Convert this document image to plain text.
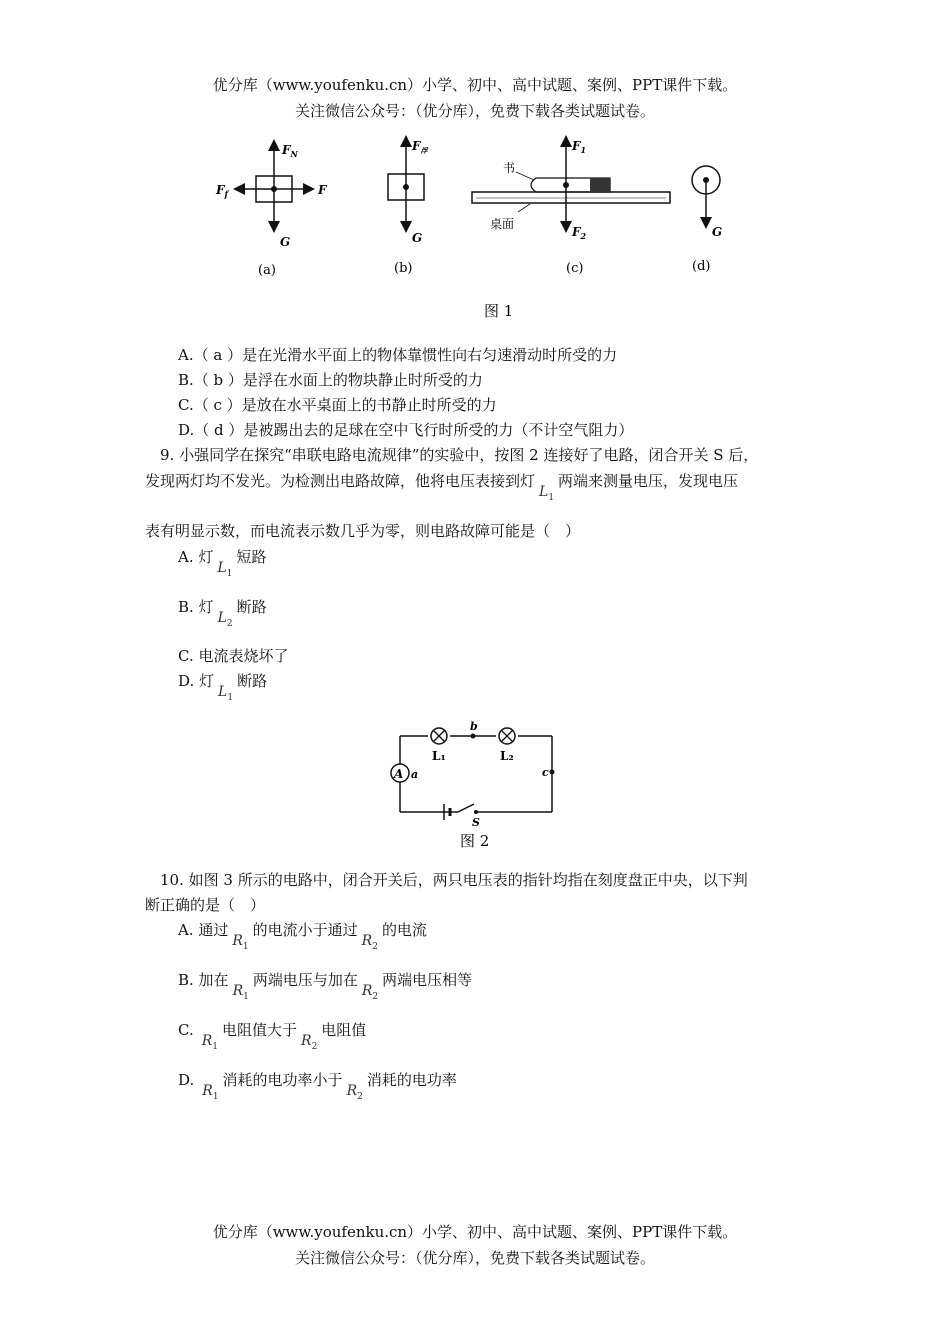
优分库（www.youfenku.cn）小学、初中、高中试题、案例、PPT课件下载。
关注微信公众号：（优分库），免费下载各类试题试卷。
$F_N$
$F_f$	F
G
(a)
$F_浮$
G
(b)
书
桌面
$F_1$
$F_2$
(c)
G
(d)
图 1
A.（ a ）是在光滑水平面上的物体靠惯性向右匀速滑动时所受的力
B.（ b ）是浮在水面上的物块静止时所受的力
C.（ c ）是放在水平桌面上的书静止时所受的力
D.（ d ）是被踢出去的足球在空中飞行时所受的力（不计空气阻力）
9. 小强同学在探究“串联电路电流规律”的实验中，按图 2 连接好了电路，闭合开关 S 后，
发现两灯均不发光。为检测出电路故障，他将电压表接到灯$L_1$两端来测量电压，发现电压
表有明显示数，而电流表示数几乎为零，则电路故障可能是（　）
A. 灯$L_1$短路
B. 灯$L_2$断路
C. 电流表烧坏了
D. 灯$L_1$断路
A
L₁	L₂
b
a	c
S
图 2
10. 如图 3 所示的电路中，闭合开关后，两只电压表的指针均指在刻度盘正中央，以下判
断正确的是（　）
A. 通过$R_1$的电流小于通过$R_2$的电流
B. 加在$R_1$两端电压与加在$R_2$两端电压相等
$C.R_1$电阻值大于$R_2$电阻值
$D.R_1$消耗的电功率小于$R_2$消耗的电功率
优分库（www.youfenku.cn）小学、初中、高中试题、案例、PPT课件下载。
关注微信公众号：（优分库），免费下载各类试题试卷。
